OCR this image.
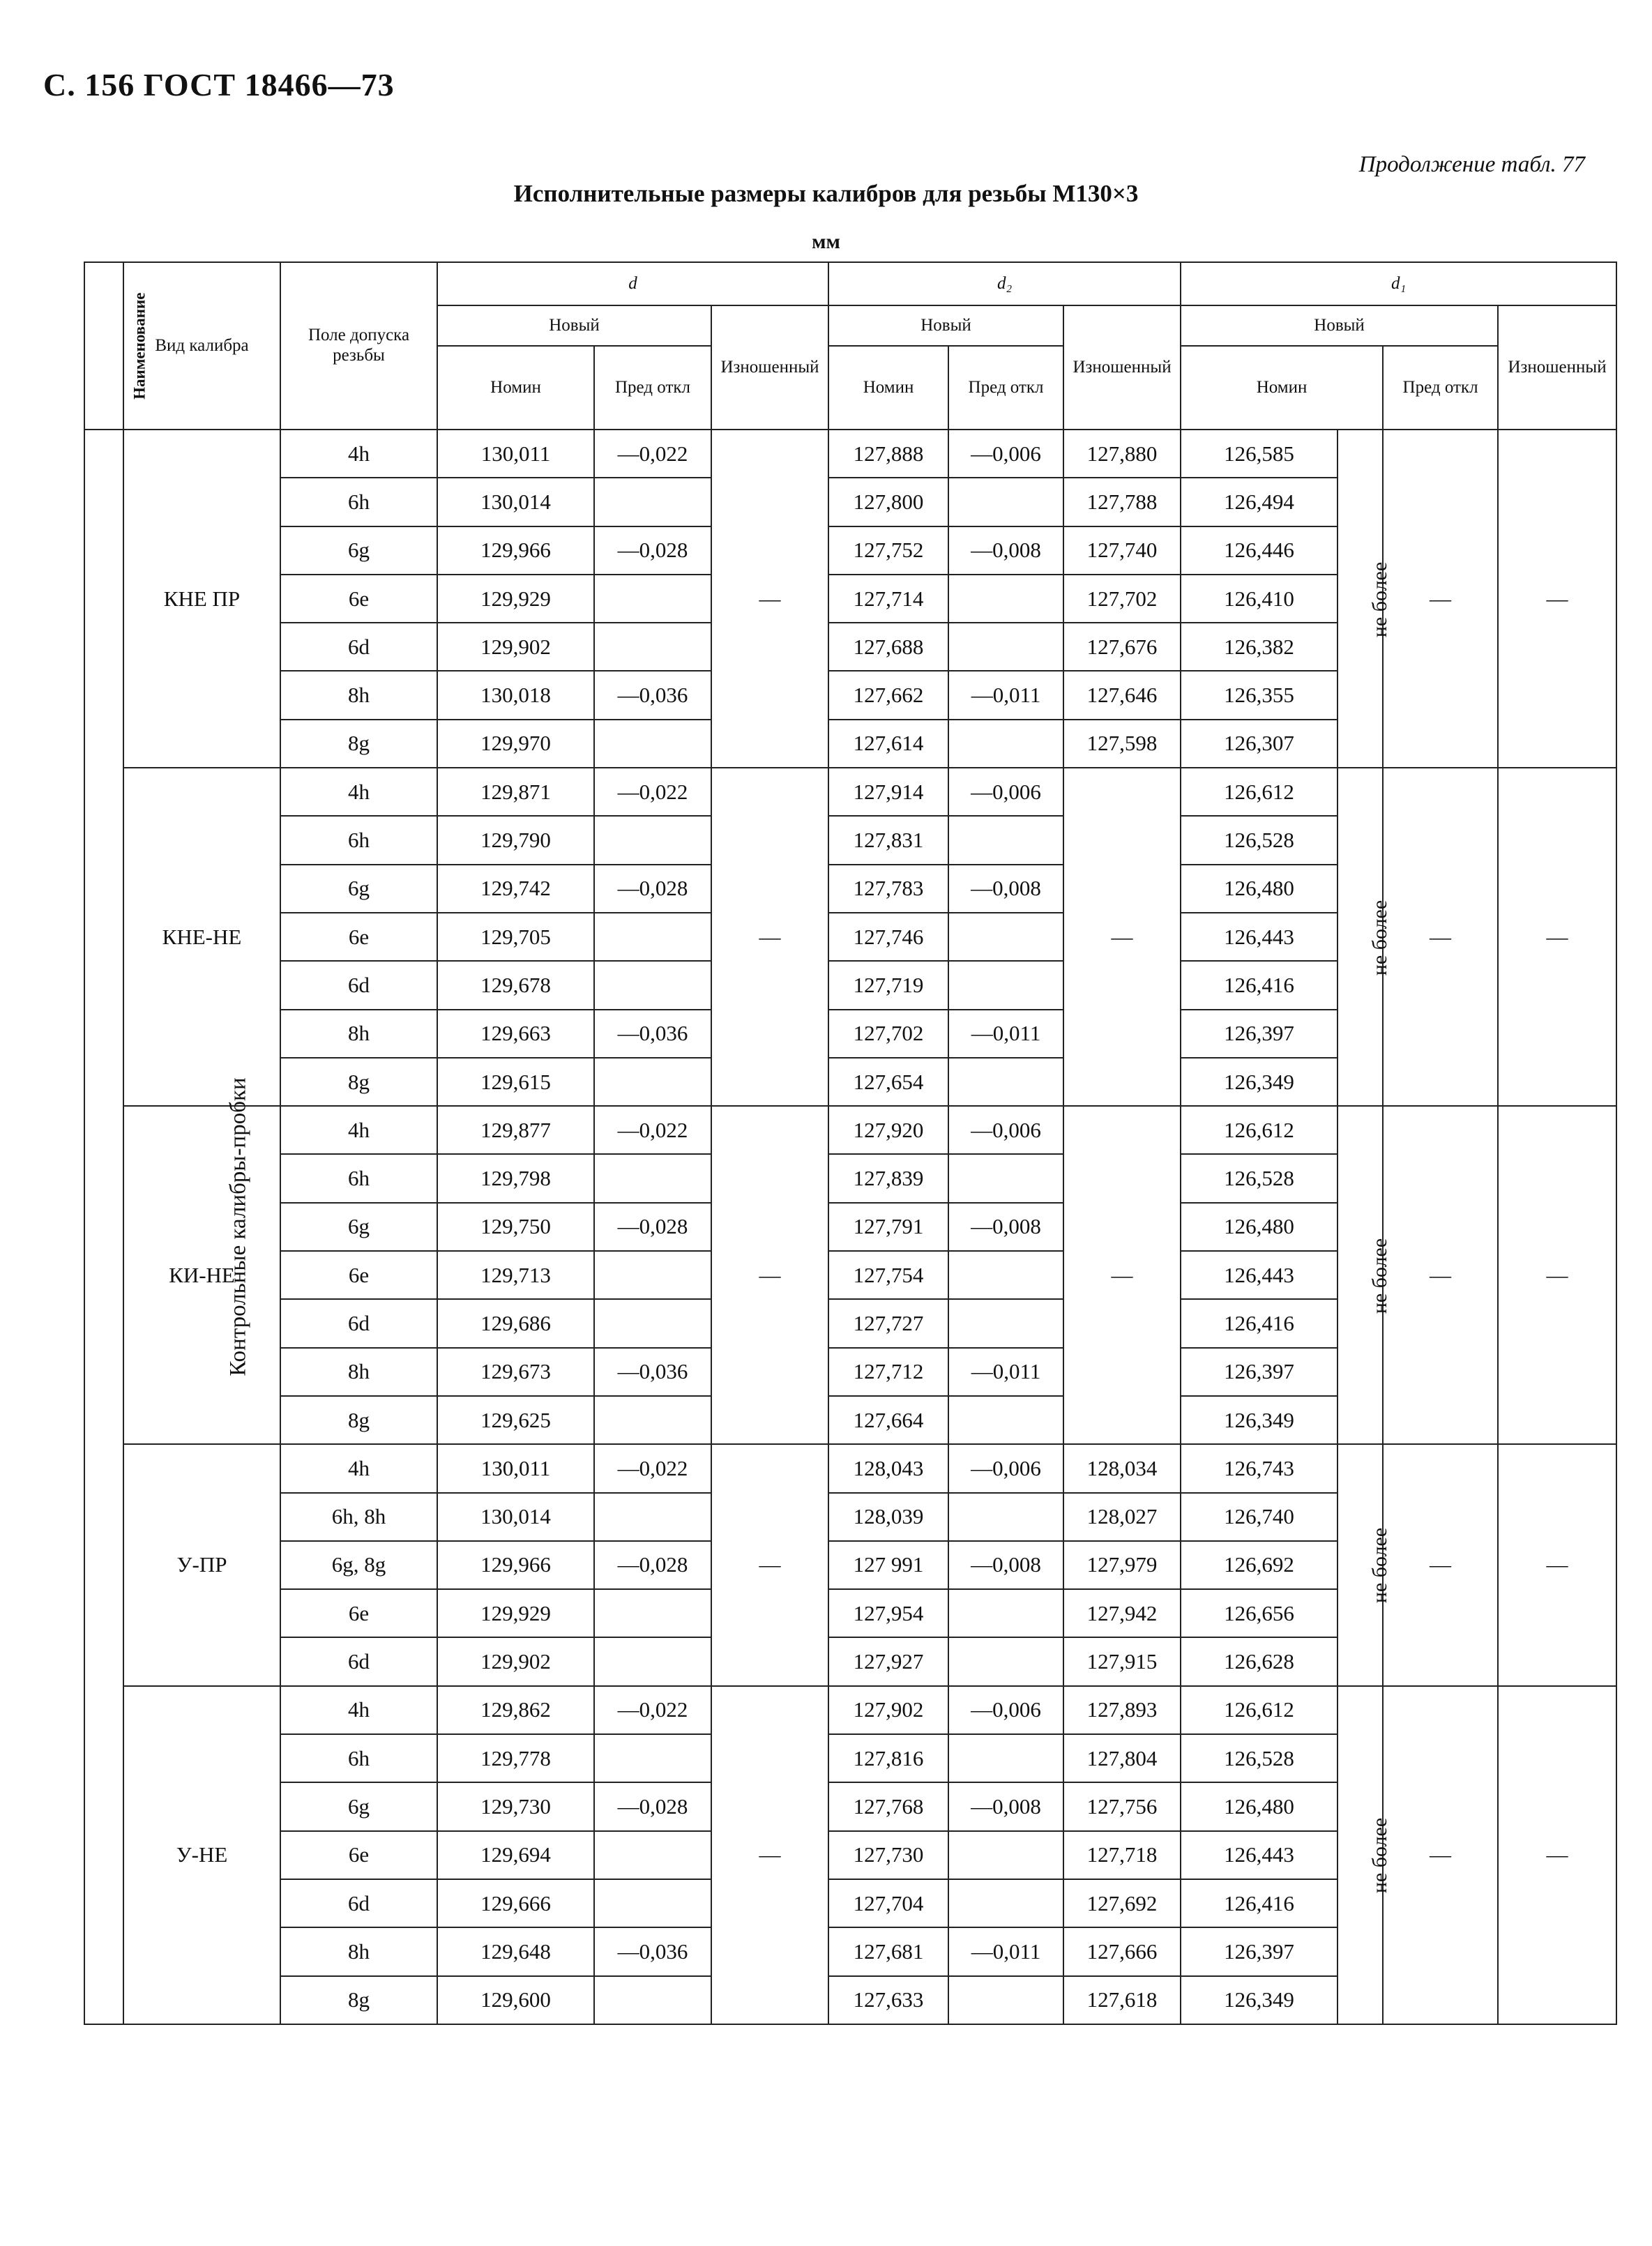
С. 156 ГОСТ 18466—73
Продолжение табл. 77
Исполнительные размеры калибров для резьбы М130×3
мм
Наименование	Вид калибра	Поле допуска резьбы	d			d₂			d₁			
			Новый		Изношенный	Новый		Изношенный	Новый			Изношенный
			Номин	Пред откл		Номин	Пред откл		Номин		Пред откл	
Контрольные калибры-пробки	КНЕ ПР	4h	130,011	—0,022	—	127,888	—0,006	127,880	126,585	не более	—	—
		6h	130,014			127,800		127,788	126,494			
		6g	129,966	—0,028		127,752	—0,008	127,740	126,446			
		6e	129,929			127,714		127,702	126,410			
		6d	129,902			127,688		127,676	126,382			
		8h	130,018	—0,036		127,662	—0,011	127,646	126,355			
		8g	129,970			127,614		127,598	126,307			
	КНЕ-НЕ	4h	129,871	—0,022	—	127,914	—0,006	—	126,612	не более	—	—
		6h	129,790			127,831			126,528			
		6g	129,742	—0,028		127,783	—0,008		126,480			
		6e	129,705			127,746			126,443			
		6d	129,678			127,719			126,416			
		8h	129,663	—0,036		127,702	—0,011		126,397			
		8g	129,615			127,654			126,349			
	КИ-НЕ	4h	129,877	—0,022	—	127,920	—0,006	—	126,612	не более	—	—
		6h	129,798			127,839			126,528			
		6g	129,750	—0,028		127,791	—0,008		126,480			
		6e	129,713			127,754			126,443			
		6d	129,686			127,727			126,416			
		8h	129,673	—0,036		127,712	—0,011		126,397			
		8g	129,625			127,664			126,349			
	У-ПР	4h	130,011	—0,022	—	128,043	—0,006	128,034	126,743	не более	—	—
		6h, 8h	130,014			128,039		128,027	126,740			
		6g, 8g	129,966	—0,028		127 991	—0,008	127,979	126,692			
		6e	129,929			127,954		127,942	126,656			
		6d	129,902			127,927		127,915	126,628			
	У-НЕ	4h	129,862	—0,022	—	127,902	—0,006	127,893	126,612	не более	—	—
		6h	129,778			127,816		127,804	126,528			
		6g	129,730	—0,028		127,768	—0,008	127,756	126,480			
		6e	129,694			127,730		127,718	126,443			
		6d	129,666			127,704		127,692	126,416			
		8h	129,648	—0,036		127,681	—0,011	127,666	126,397			
		8g	129,600			127,633		127,618	126,349			
